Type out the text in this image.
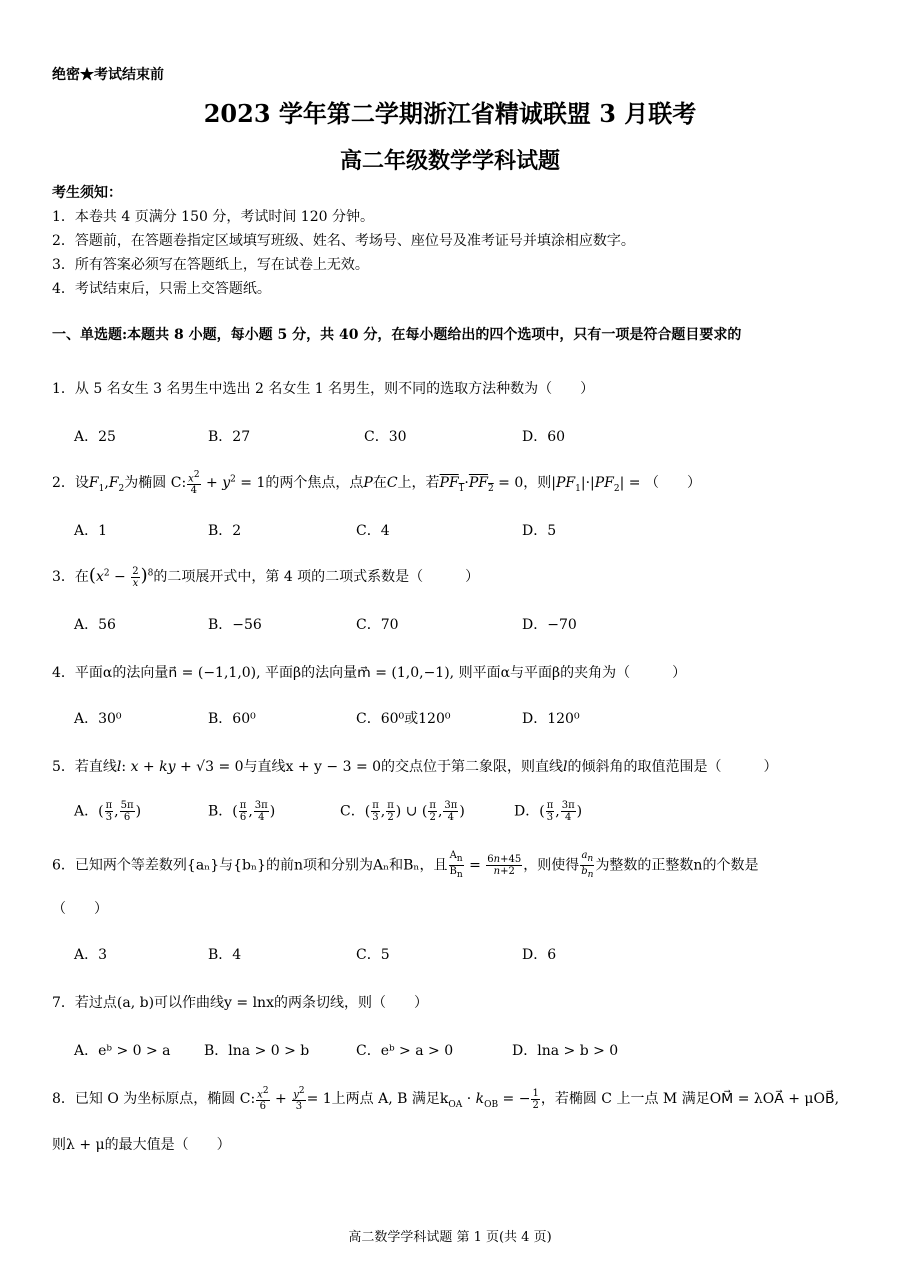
绝密★考试结束前
2023 学年第二学期浙江省精诚联盟 3 月联考
高二年级数学学科试题
考生须知：
1．本卷共 4 页满分 150 分，考试时间 120 分钟。
2．答题前，在答题卷指定区域填写班级、姓名、考场号、座位号及准考证号并填涂相应数字。
3．所有答案必须写在答题纸上，写在试卷上无效。
4．考试结束后，只需上交答题纸。
一、单选题:本题共 8 小题，每小题 5 分，共 40 分，在每小题给出的四个选项中，只有一项是符合题目要求的
1．从 5 名女生 3 名男生中选出 2 名女生 1 名男生，则不同的选取方法种数为（　　）
A．25	B．27	C．30	D．60
2．设$F_1,F_2$为椭圆 C: $\frac{x^2}{4} + y^2 = 1$的两个焦点，点P在C上，若$PF_1\cdot PF_2 = 0$，则$|PF_1|\cdot|PF_2|$ = （　　）
A．1	B．2	C．4	D．5
3．在$(x^2 - \frac{2}{x} )^8$的二项展开式中，第 4 项的二项式系数是（　　　）
A．56	B．−56	C．70	D．−70
4．平面α的法向量n⃗ = (−1,1,0), 平面β的法向量m⃗ = (1,0,−1), 则平面α与平面β的夹角为（　　　）
A．30⁰	B．60⁰	C．60⁰或120⁰	D．120⁰
5．若直线l: x + ky + √3 = 0与直线x + y − 3 = 0的交点位于第二象限，则直线l的倾斜角的取值范围是（　　　）
A．( $\frac{\pi}{3}$ , $\frac{5\pi}{6}$ )	B．( $\frac{\pi}{6}$ , $\frac{3\pi}{4}$ )	C．( $\frac{\pi}{3}$ , $\frac{\pi}{2}$ ) ∪ ( $\frac{\pi}{2}$ , $\frac{3\pi}{4}$ )	D．( $\frac{\pi}{3}$ , $\frac{3\pi}{4}$ )
6．已知两个等差数列{aₙ}与{bₙ}的前n项和分别为Aₙ和Bₙ，且 $\frac{A_n}{B_n} = \frac{6n+45}{n+2}$ ，则使得 $\frac{a_n}{b_n}$ 为整数的正整数n的个数是
（　　）
A．3	B．4	C．5	D．6
7．若过点(a, b)可以作曲线y = lnx的两条切线，则（　　）
A．eᵇ > 0 > a B．lna > 0 > b	C．eᵇ > a > 0	D．lna > b > 0
8．已知 O 为坐标原点，椭圆 C: $\frac{x^2}{6} + \frac{y^2}{3} = 1$上两点 A, B 满足$k_{OA} \cdot k_{OB}$ = − $\frac{1}{2}$ ，若椭圆 C 上一点 M 满足OM⃗ = λOA⃗ + μOB⃗,
则λ + μ的最大值是（　　）
高二数学学科试题 第 1 页(共 4 页)
